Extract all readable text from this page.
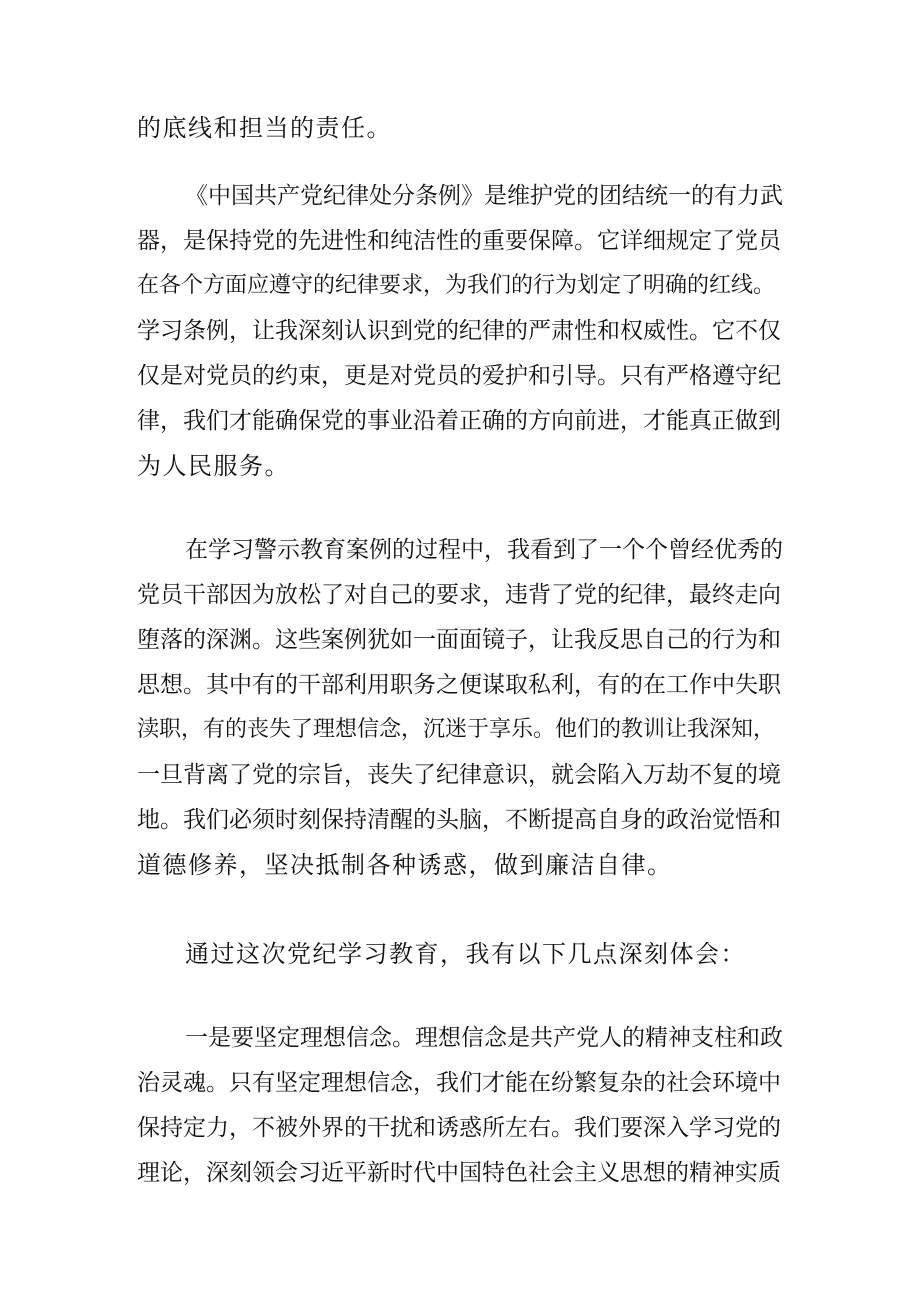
的底线和担当的责任。
《中国共产党纪律处分条例》是维护党的团结统一的有力武
器，是保持党的先进性和纯洁性的重要保障。它详细规定了党员
在各个方面应遵守的纪律要求，为我们的行为划定了明确的红线。
学习条例，让我深刻认识到党的纪律的严肃性和权威性。它不仅
仅是对党员的约束，更是对党员的爱护和引导。只有严格遵守纪
律，我们才能确保党的事业沿着正确的方向前进，才能真正做到
为人民服务。
在学习警示教育案例的过程中，我看到了一个个曾经优秀的
党员干部因为放松了对自己的要求，违背了党的纪律，最终走向
堕落的深渊。这些案例犹如一面面镜子，让我反思自己的行为和
思想。其中有的干部利用职务之便谋取私利，有的在工作中失职
渎职，有的丧失了理想信念，沉迷于享乐。他们的教训让我深知，
一旦背离了党的宗旨，丧失了纪律意识，就会陷入万劫不复的境
地。我们必须时刻保持清醒的头脑，不断提高自身的政治觉悟和
道德修养，坚决抵制各种诱惑，做到廉洁自律。
通过这次党纪学习教育，我有以下几点深刻体会：
一是要坚定理想信念。理想信念是共产党人的精神支柱和政
治灵魂。只有坚定理想信念，我们才能在纷繁复杂的社会环境中
保持定力，不被外界的干扰和诱惑所左右。我们要深入学习党的
理论，深刻领会习近平新时代中国特色社会主义思想的精神实质
